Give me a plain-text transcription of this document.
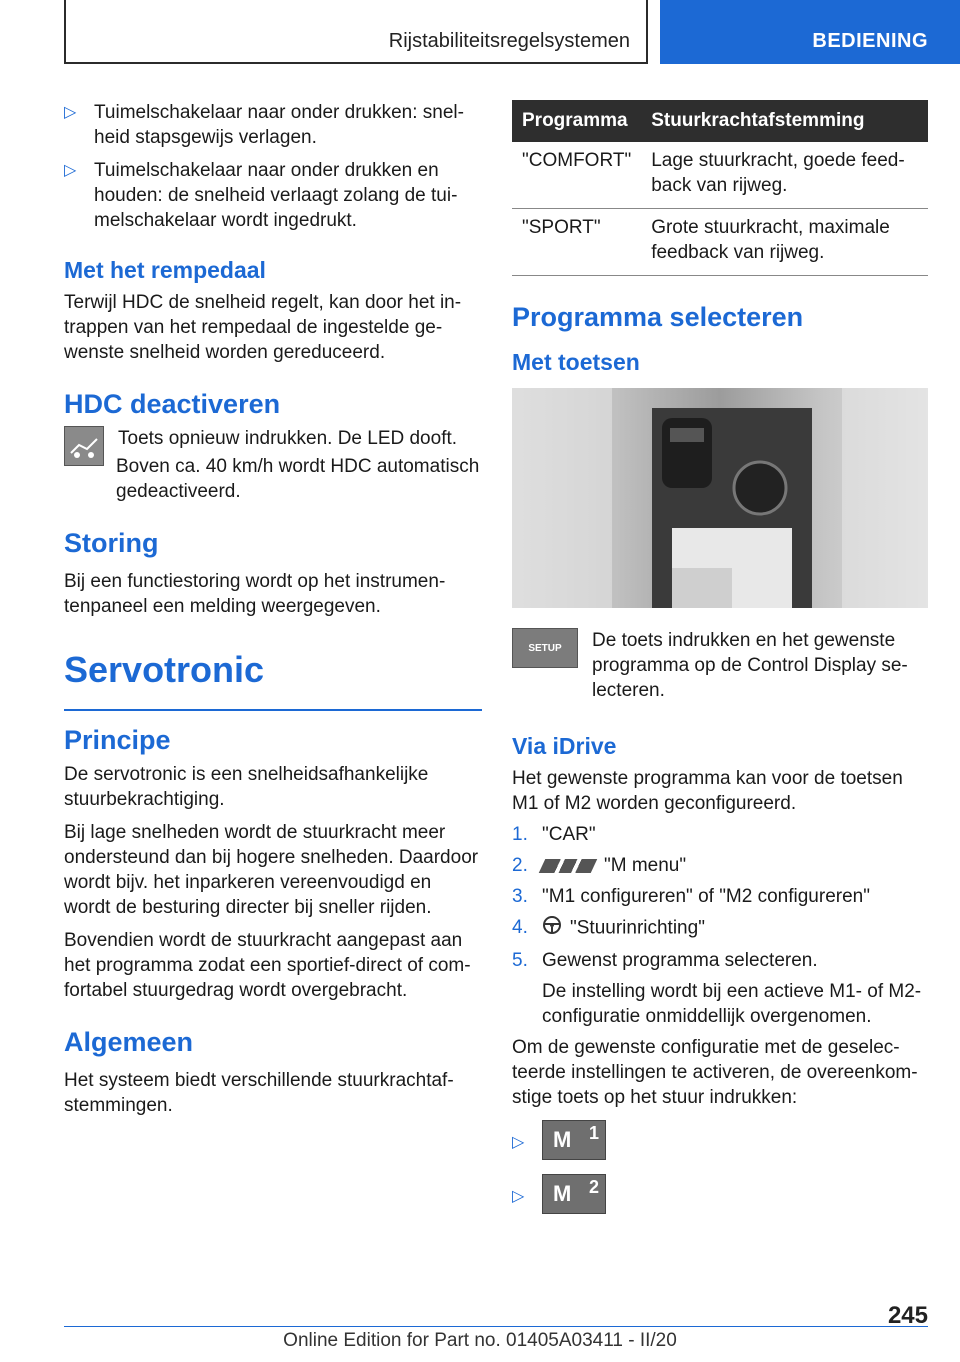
Rijstabiliteitsregelsystemen	BEDIENING
▷ Tuimelschakelaar naar onder drukken: snelheid stapsgewijs verlagen.
▷ Tuimelschakelaar naar onder drukken en houden: de snelheid verlaagt zolang de tuimelschakelaar wordt ingedrukt.
Met het rempedaal

Terwijl HDC de snelheid regelt, kan door het intrappen van het rempedaal de ingestelde gewenste snelheid worden gereduceerd.

HDC deactiveren

Toets opnieuw indrukken. De LED dooft.

Boven ca. 40 km/h wordt HDC automatisch gedeactiveerd.

Storing

Bij een functiestoring wordt op het instrumentenpaneel een melding weergegeven.

Servotronic
Principe

De servotronic is een snelheidsafhankelijke stuurbekrachtiging.

Bij lage snelheden wordt de stuurkracht meer ondersteund dan bij hogere snelheden. Daardoor wordt bijv. het inparkeren vereenvoudigd en wordt de besturing directer bij sneller rijden.

Bovendien wordt de stuurkracht aangepast aan het programma zodat een sportief-direct of comfortabel stuurgedrag wordt overgebracht.

Algemeen

Het systeem biedt verschillende stuurkrachtafstemmingen.

Programma	Stuurkrachtafstemming
"COMFORT"	Lage stuurkracht, goede feedback van rijweg.
"SPORT"	Grote stuurkracht, maximale feedback van rijweg.
Programma selecteren
Met toetsen
SETUP	De toets indrukken en het gewenste programma op de Control Display selecteren.

Via iDrive

Het gewenste programma kan voor de toetsen M1 of M2 worden geconfigureerd.

1. "CAR"
2.	"M menu"
3. "M1 configureren" of "M2 configureren"
4. "Stuurinrichting"
5. Gewenst programma selecteren.
De instelling wordt bij een actieve M1- of M2-configuratie onmiddellijk overgenomen.

Om de gewenste configuratie met de geselecteerde instellingen te activeren, de overeenkomstige toets op het stuur indrukken:

▷ M 1
▷ M 2
245
Online Edition for Part no. 01405A03411 - II/20
